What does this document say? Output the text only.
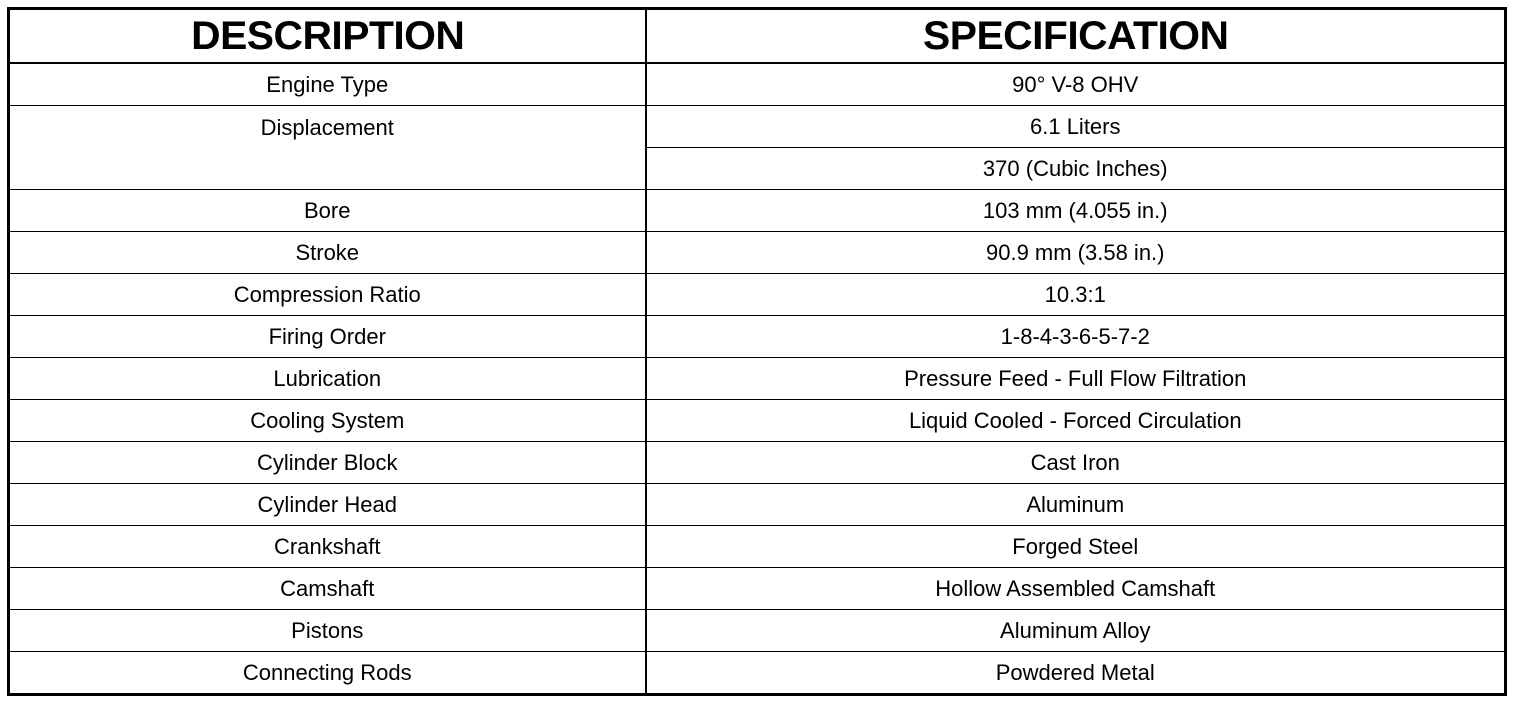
DESCRIPTION	SPECIFICATION
Engine Type	90° V-8 OHV
Displacement	6.1 Liters
	370 (Cubic Inches)
Bore	103 mm (4.055 in.)
Stroke	90.9 mm (3.58 in.)
Compression Ratio	10.3:1
Firing Order	1-8-4-3-6-5-7-2
Lubrication	Pressure Feed - Full Flow Filtration
Cooling System	Liquid Cooled - Forced Circulation
Cylinder Block	Cast Iron
Cylinder Head	Aluminum
Crankshaft	Forged Steel
Camshaft	Hollow Assembled Camshaft
Pistons	Aluminum Alloy
Connecting Rods	Powdered Metal
